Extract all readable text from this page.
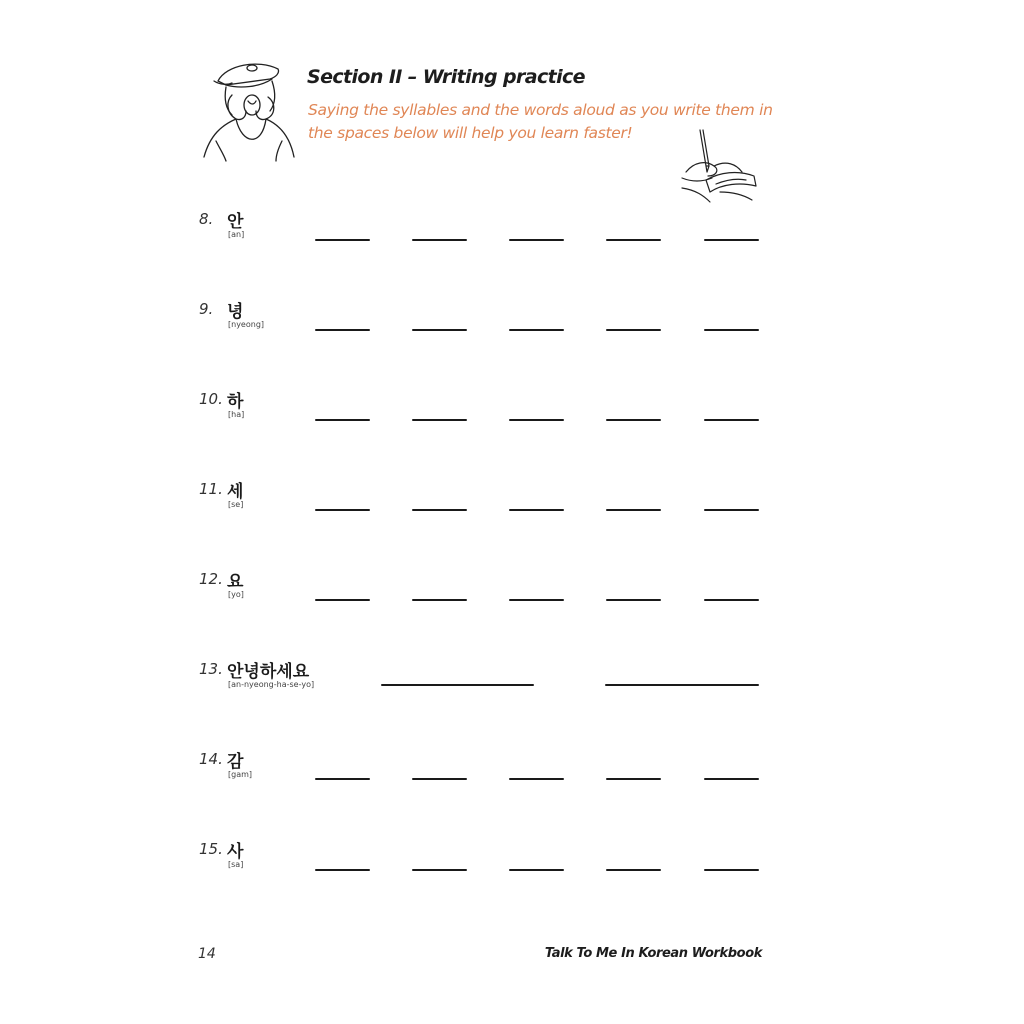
Section II – Writing practice
Saying the syllables and the words aloud as you write them in
the spaces below will help you learn faster!
8. 안
[an]
9. 녕
[nyeong]
10. 하
[ha]
11. 세
[se]
12. 요
[yo]
13. 안녕하세요
[an-nyeong-ha-se-yo]
14. 감
[gam]
15. 사
[sa]
14	Talk To Me In Korean Workbook
